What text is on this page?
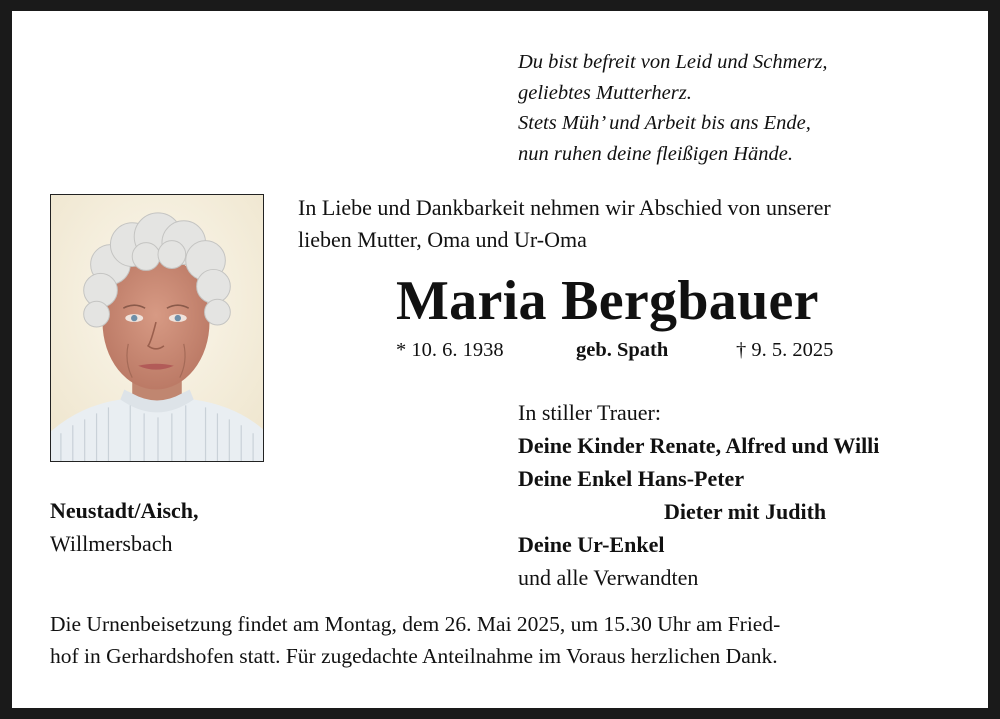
Du bist befreit von Leid und Schmerz,
geliebtes Mutterherz.
Stets Müh’ und Arbeit bis ans Ende,
nun ruhen deine fleißigen Hände.
In Liebe und Dankbarkeit nehmen wir Abschied von unserer
lieben Mutter, Oma und Ur-Oma
Maria Bergbauer
* 10. 6. 1938	geb. Spath	† 9. 5. 2025
In stiller Trauer:
Deine Kinder Renate, Alfred und Willi
Deine Enkel Hans-Peter
Dieter mit Judith
Deine Ur-Enkel
und alle Verwandten
Neustadt/Aisch,
Willmersbach
Die Urnenbeisetzung findet am Montag, dem 26. Mai 2025, um 15.30 Uhr am Fried-
hof in Gerhardshofen statt. Für zugedachte Anteilnahme im Voraus herzlichen Dank.
